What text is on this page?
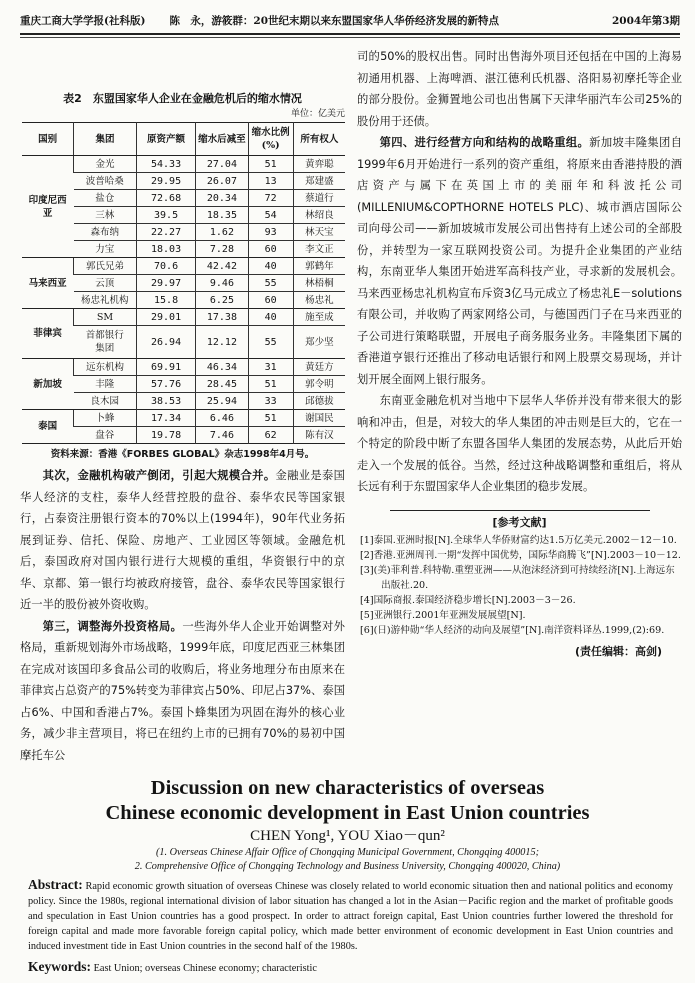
重庆工商大学学报(社科版) 陈　永，游筱群：20世纪末期以来东盟国家华人华侨经济发展的新特点	2004年第3期
表2　东盟国家华人企业在金融危机后的缩水情况
单位：亿美元
国别	集团	原资产额	缩水后减至	缩水比例(%)	所有权人
印度尼西亚	金光	54.33	27.04	51	黄弈聪
	波普哈桑	29.95	26.07	13	郑建盛
	盐仓	72.68	20.34	72	蔡道行
	三林	39.5	18.35	54	林绍良
	森布纳	22.27	1.62	93	林天宝
	力宝	18.03	7.28	60	李文正
马来西亚	郭氏兄弟	70.6	42.42	40	郭鹤年
	云顶	29.97	9.46	55	林梧桐
	杨忠礼机构	15.8	6.25	60	杨忠礼
菲律宾	SM	29.01	17.38	40	施至成
	首都银行集团	26.94	12.12	55	郑少坚
新加坡	远东机构	69.91	46.34	31	黄廷方
	丰隆	57.76	28.45	51	郭令明
	良木园	38.53	25.94	33	邱德拔
泰国	卜蜂	17.34	6.46	51	谢国民
	盘谷	19.78	7.46	62	陈有汉
资料来源：香港《FORBES GLOBAL》杂志1998年4月号。

其次，金融机构破产倒闭，引起大规模合并。金融业是泰国华人经济的支柱，泰华人经营控股的盘谷、泰华农民等国家银行，占泰资注册银行资本的70%以上(1994年)，90年代业务拓展到证券、信托、保险、房地产、工业园区等领域。金融危机后，泰国政府对国内银行进行大规模的重组，华资银行中的京华、京都、第一银行均被政府接管，盘谷、泰华农民等国家银行近一半的股份被外资收购。

第三，调整海外投资格局。一些海外华人企业开始调整对外格局，重新规划海外市场战略，1999年底，印度尼西亚三林集团在完成对该国印多食品公司的收购后，将业务地理分布由原来在菲律宾占总资产的75%转变为菲律宾占50%、印尼占37%、泰国占6%、中国和香港占7%。泰国卜蜂集团为巩固在海外的核心业务，减少非主营项目，将已在纽约上市的已拥有70%的易初中国摩托车公

司的50%的股权出售。同时出售海外项目还包括在中国的上海易初通用机器、上海啤酒、湛江德利氏机器、洛阳易初摩托等企业的部分股份。金狮置地公司也出售属下天津华丽汽车公司25%的股份用于还债。

第四、进行经营方向和结构的战略重组。新加坡丰隆集团自1999年6月开始进行一系列的资产重组，将原来由香港持股的酒店资产与属下在英国上市的美丽年和科波托公司(MILLENIUM&COPTHORNE HOTELS PLC)、城市酒店国际公司向母公司——新加坡城市发展公司出售持有上述公司的全部股份，并转型为一家互联网投资公司。为提升企业集团的产业结构，东南亚华人集团开始进军高科技产业，寻求新的发展机会。马来西亚杨忠礼机构宣布斥资3亿马元成立了杨忠礼E－solutions有限公司，并收购了两家网络公司，与德国西门子在马来西亚的子公司进行策略联盟，开展电子商务服务业务。丰隆集团下属的香港道亨银行还推出了移动电话银行和网上股票交易现场，并计划开展全面网上银行服务。

东南亚金融危机对当地中下层华人华侨并没有带来很大的影响和冲击，但是，对较大的华人集团的冲击则是巨大的，它在一个特定的阶段中断了东盟各国华人集团的发展态势，从此后开始走入一个发展的低谷。当然，经过这种战略调整和重组后，将从长远有利于东盟国家华人企业集团的稳步发展。

[参考文献]
[1]泰国.亚洲时报[N].全球华人华侨财富约达1.5万亿美元.2002－12－10.
[2]香港.亚洲周刊.一期“发挥中国优势，国际华商腾飞”[N].2003－10－12.
[3](美)菲利普.科特勒.重塑亚洲——从泡沫经济到可持续经济[N].上海远东出版社.20.
[4]国际商报.泰国经济稳步增长[N].2003－3－26.
[5]亚洲银行.2001年亚洲发展展望[N].
[6](日)游仲勋“华人经济的动向及展望”[N].南洋资料译丛.1999,(2):69.
(责任编辑：高剑)
Discussion on new characteristics of overseas
Chinese economic development in East Union countries
CHEN Yong¹, YOU Xiao－qun²
(1. Overseas Chinese Affair Office of Chongqing Municipal Government, Chongqing 400015;
2. Comprehensive Office of Chongqing Technology and Business University, Chongqing 400020, China)
Abstract: Rapid economic growth situation of overseas Chinese was closely related to world economic situation then and national politics and economy policy. Since the 1980s, regional international division of labor situation has changed a lot in the Asian－Pacific region and the market of profitable goods and speculation in East Union countries has a good prospect. In order to attract foreign capital, East Union countries further lowered the threshold for foreign capital and made more favorable foreign capital policy, which made better environment of economic development in East Union countries and induced investment tide in East Union countries in the second half of the 1980s.
Keywords: East Union; overseas Chinese economy; characteristic
